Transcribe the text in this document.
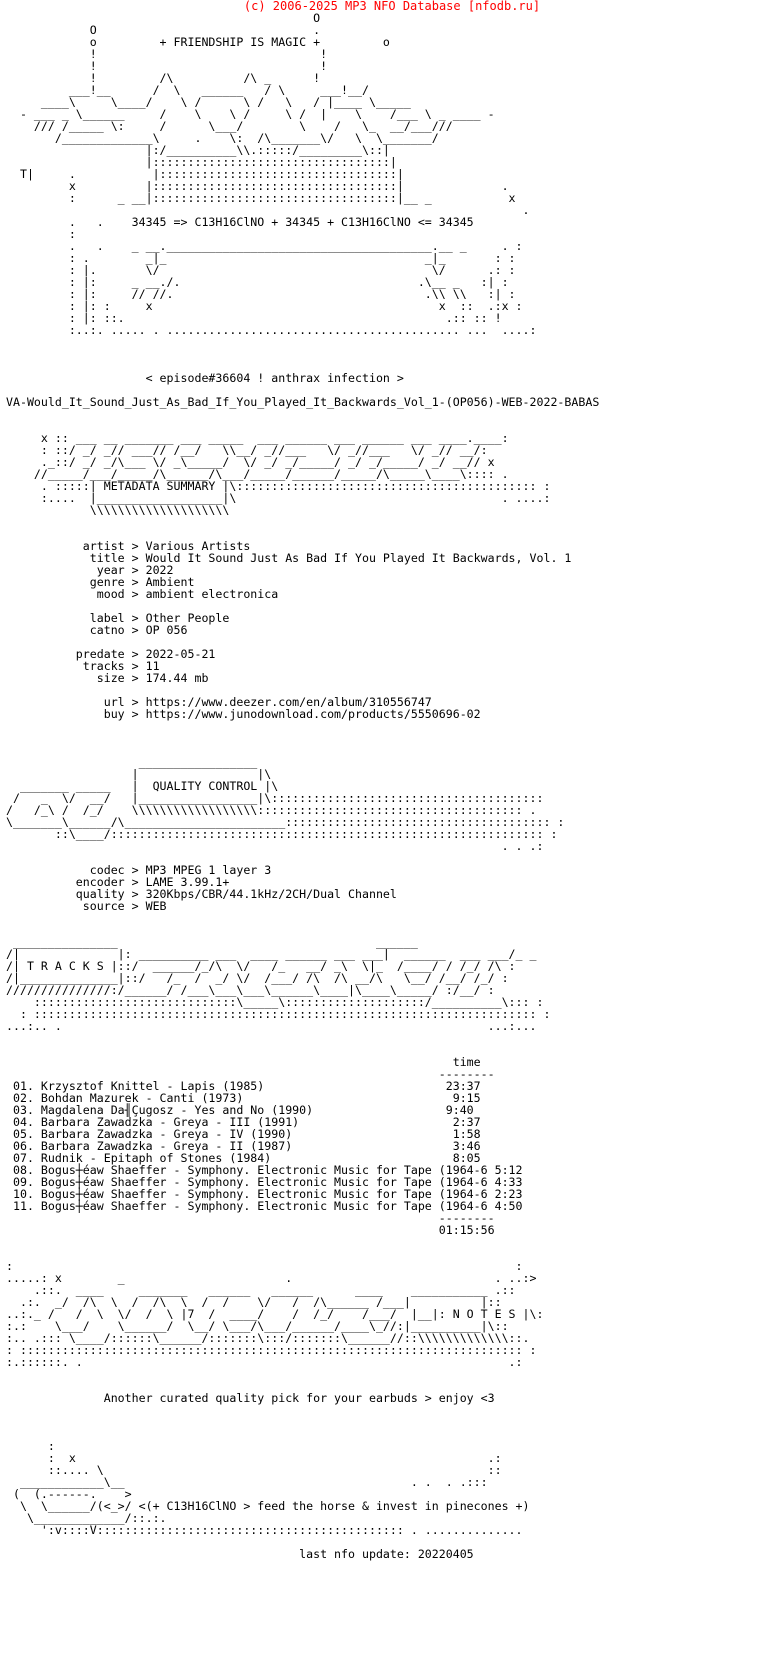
(c) 2006-2025 MP3 NFO Database [nfodb.ru]
O
O                               .
o         + FRIENDSHIP IS MAGIC +         o
!                                !
!                                !
!         /\          /\ _      !
___!__      /  \   ______   / \     ___!__/
____\     \____/    \ /      \ /   \   / |____ \_____
- ___ _ \______     /    \    \ /     \ /  |    \    /___ \ _ ____ -
/// /_____ \:     /      \___/        \    /   \_  __/___///
/_____________\     .    \:  /\_______\/   \  \_______/
|:/__________\\.:::::/_________\::|
|::::::::::::::::::::::::::::::::::|
T|     .           |::::::::::::::::::::::::::::::::::|
x          |:::::::::::::::::::::::::::::::::::|              .
:      _ __|:::::::::::::::::::::::::::::::::::|__ _           x
.
.   .    34345 => C13H16ClNO + 34345 + C13H16ClNO <= 34345
:
.   .    _ __.______________________________________.__ _     . :
: .        _|_                                     _|_       : :
: |.       \/                                       \/      .: :
: |:     _ __./.                                  .\__ _   :| :
: |:     // //.                                    .\\ \\   :| :
: |: :     x                                         x  ::  .:x :
: |: ::.                                              .:: :: !
:..:. ..... . .......................................... ...  ....:

< episode#36604 ! anthrax infection >

VA-Would_It_Sound_Just_As_Bad_If_You_Played_It_Backwards_Vol_1-(OP056)-WEB-2022-BABAS

x :: ___ __ _______ ___ _____  ___ ______ ___ ______ ___ ____.____:
: ::/ _/ _// ___// /__/   \\__/ _//___   \/ _//___   \/ _// __/:
._::/ _/ _/\___ \/ _\_____/  \/ _/ _/_____/ _/ _/_____/ _/ __// x
//_____/___/_____/\______/\___/_____/______/_____/\_____\____\:::: .
. :::::| METADATA SUMMARY |\::::::::::::::::::::::::::::::::::::::::::: :
:....  |__________________|\                                      . ....:
\\\\\\\\\\\\\\\\\\\\

artist > Various Artists
title > Would It Sound Just As Bad If You Played It Backwards, Vol. 1
year > 2022
genre > Ambient
mood > ambient electronica

label > Other People
catno > OP 056

predate > 2022-05-21
tracks > 11
size > 174.44 mb

url > https://www.deezer.com/en/album/310556747
buy > https://www.junodownload.com/products/5550696-02

_________________
|                 |\
_______ _____   |  QUALITY CONTROL |\
/   _  \/  __/   |_________________|\:::::::::::::::::::::::::::::::::::::::
/   /_\ /  /_/    \\\\\\\\\\\\\\\\\\:::::::::::::::::::::::::::::::::::::: .
\_______\______/\_______________________:::::::::::::::::::::::::::::::::::::: :
::\____/:::::::::::::::::::::::::::::::::::::::::::::::::::::::::::::: :
. . .:

codec > MP3 MPEG 1 layer 3
encoder > LAME 3.99.1+
quality > 320Kbps/CBR/44.1kHz/2CH/Dual Channel
source > WEB

_______________                                     ______
/|              |: __________ ___  ____ ______ ___ ___|  ______  ___ ___/_ _
/| T R A C K S |::/  ______/_/\  \/   /_   __/ _\  \|_  /____/ / /_/ /\ :
/|______________|::/   /_  /  _/ \/  /___/ /\  /\ __/\   \__/ /__/ /_/ :
///////////////:/______/ /___\___\___\______\____|\____\_____/ :/__/ :
:::::::::::::::::::::::::::::\_____\::::::::::::::::::::/__________\::: :
: :::::::::::::::::::::::::::::::::::::::::::::::::::::::::::::::::::::::: :
...:.. .                                                             ...:...

time
--------
01. Krzysztof Knittel - Lapis (1985)                          23:37
02. Bohdan Mazurek - Canti (1973)                              9:15
03. Magdalena Da╢Çugosz - Yes and No (1990)                   9:40
04. Barbara Zawadzka - Greya - III (1991)                      2:37
05. Barbara Zawadzka - Greya - IV (1990)                       1:58
06. Barbara Zawadzka - Greya - II (1987)                       3:46
07. Rudnik - Epitaph of Stones (1984)                          8:05
08. Bogus┼éaw Shaeffer - Symphony. Electronic Music for Tape (1964-6 5:12
09. Bogus┼éaw Shaeffer - Symphony. Electronic Music for Tape (1964-6 4:33
10. Bogus┼éaw Shaeffer - Symphony. Electronic Music for Tape (1964-6 2:23
11. Bogus┼éaw Shaeffer - Symphony. Electronic Music for Tape (1964-6 4:50
--------
01:15:56

:                                                                        :
.....: x        _                       .                             . ..:>
.::.  ____     _______   ______   ______      ____    ___________ .::
.:.  _/  /\  \  /  /\  \  /  /    \/   /  /\______ /___|          |::
..:._ /   /  \  \/  /  \ |7  /  ____/    /  /_/    /___/  |__|: N O T E S |\:
:.:    \___/    \______/  \__/ \___/\___/______/____\_//:|__________|\::
:.. .::: \____/::::::\______/:::::::\:::/:::::::\______//::\\\\\\\\\\\\\::.
: :::::::::::::::::::::::::::::::::::::::::::::::::::::::::::::::::::::::: :
:.::::::. .                                                             .:

Another curated quality pick for your earbuds > enjoy <3

:
:  x                                                           .:
::.... \                                                       ::
____________\__                                         . .  . .:::
(  (.------.    >
\  \______/(<_>/ <(+ C13H16ClNO > feed the horse & invest in pinecones +)
\_____________/::.:.
':v::::V:::::::::::::::::::::::::::::::::::::::::::: . ..............

last nfo update: 20220405
